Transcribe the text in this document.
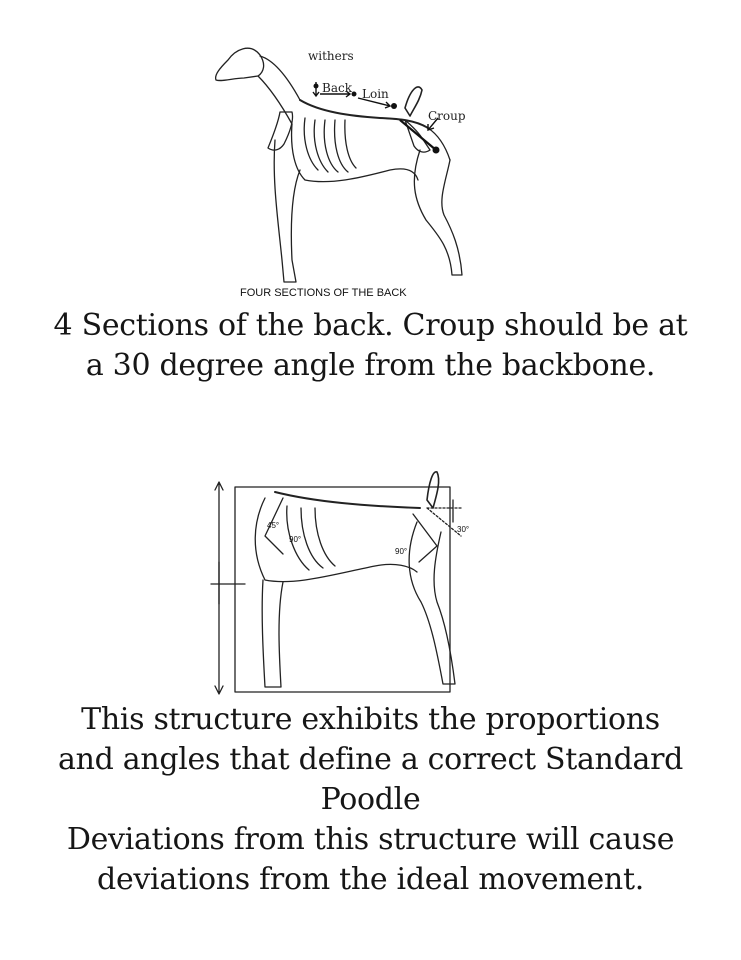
withers
Back Loin
Croup
FOUR SECTIONS OF THE BACK
4 Sections of the back. Croup should be at
a 30 degree angle from the backbone.
45°
90°
90°
30°
This structure exhibits the proportions
and angles that define a correct Standard
Poodle
Deviations from this structure will cause
deviations from the ideal movement.
